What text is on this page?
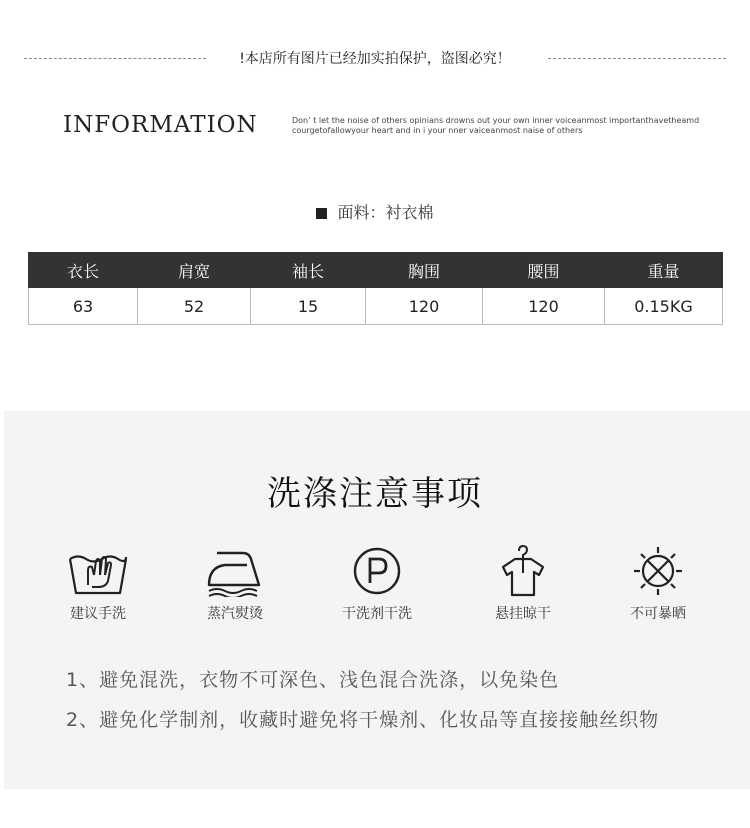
!本店所有图片已经加实拍保护，盗图必究！
INFORMATION	Don’ t let the noise of others opinians drowns out your own inner voiceanmost importanthavetheamd
courgetofallowyour heart and in i your nner vaiceanmost naise of others
面料：衬衣棉
衣长	肩宽	袖长	胸围	腰围	重量
63	52	15	120	120	0.15KG
洗涤注意事项
建议手洗	蒸汽熨烫	干洗剂干洗	悬挂晾干	不可暴晒
1、避免混洗，衣物不可深色、浅色混合洗涤，以免染色
2、避免化学制剂，收藏时避免将干燥剂、化妆品等直接接触丝织物
